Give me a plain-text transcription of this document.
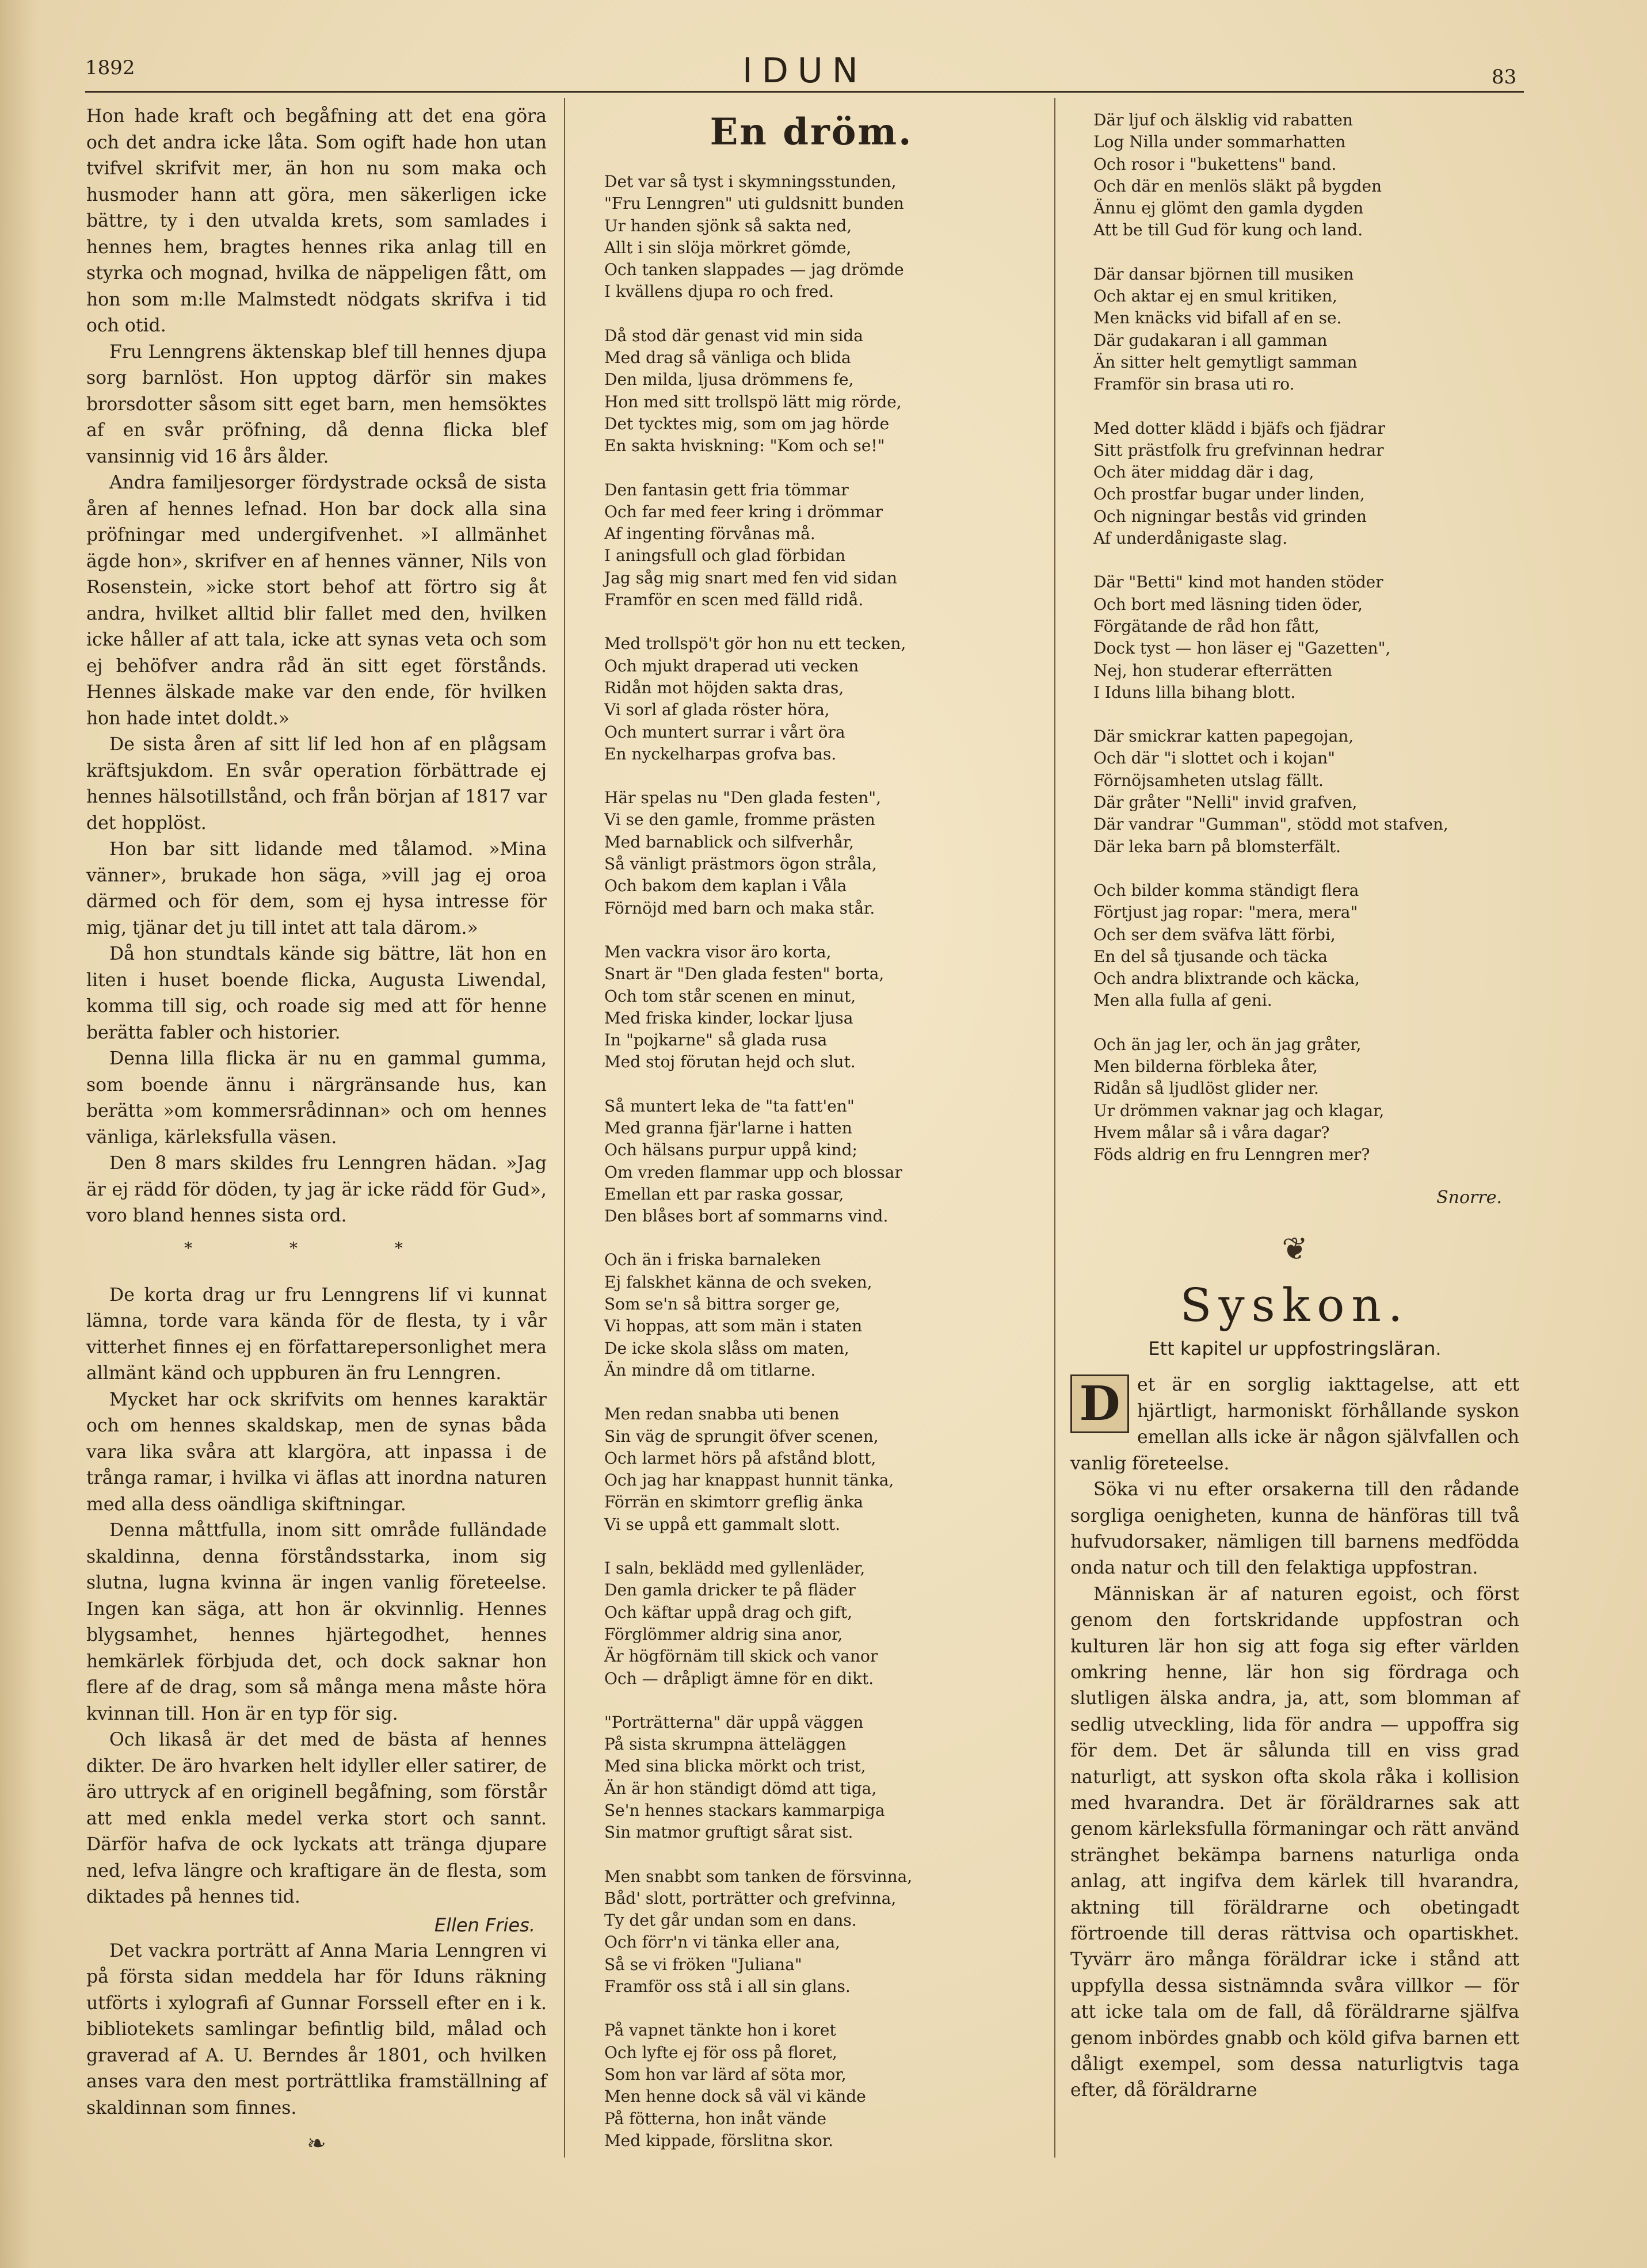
1892	IDUN	83

Hon hade kraft och begåfning att det ena göra och det andra icke låta. Som ogift hade hon utan tvifvel skrifvit mer, än hon nu som maka och husmoder hann att göra, men säkerligen icke bättre, ty i den utvalda krets, som samlades i hennes hem, bragtes hennes rika anlag till en styrka och mognad, hvilka de näppeligen fått, om hon som m:lle Malmstedt nödgats skrifva i tid och otid.

Fru Lenngrens äktenskap blef till hennes djupa sorg barnlöst. Hon upptog därför sin makes brorsdotter såsom sitt eget barn, men hemsöktes af en svår pröfning, då denna flicka blef vansinnig vid 16 års ålder.

Andra familjesorger fördystrade också de sista åren af hennes lefnad. Hon bar dock alla sina pröfningar med undergifvenhet. »I allmänhet ägde hon», skrifver en af hennes vänner, Nils von Rosenstein, »icke stort behof att förtro sig åt andra, hvilket alltid blir fallet med den, hvilken icke håller af att tala, icke att synas veta och som ej behöfver andra råd än sitt eget förstånds. Hennes älskade make var den ende, för hvilken hon hade intet doldt.»

De sista åren af sitt lif led hon af en plågsam kräftsjukdom. En svår operation förbättrade ej hennes hälsotillstånd, och från början af 1817 var det hopplöst.

Hon bar sitt lidande med tålamod. »Mina vänner», brukade hon säga, »vill jag ej oroa därmed och för dem, som ej hysa intresse för mig, tjänar det ju till intet att tala därom.»

Då hon stundtals kände sig bättre, lät hon en liten i huset boende flicka, Augusta Liwendal, komma till sig, och roade sig med att för henne berätta fabler och historier.

Denna lilla flicka är nu en gammal gumma, som boende ännu i närgränsande hus, kan berätta »om kommersrådinnan» och om hennes vänliga, kärleksfulla väsen.

Den 8 mars skildes fru Lenngren hädan. »Jag är ej rädd för döden, ty jag är icke rädd för Gud», voro bland hennes sista ord.

* * *

De korta drag ur fru Lenngrens lif vi kunnat lämna, torde vara kända för de flesta, ty i vår vitterhet finnes ej en författarepersonlighet mera allmänt känd och uppburen än fru Lenngren.

Mycket har ock skrifvits om hennes karaktär och om hennes skaldskap, men de synas båda vara lika svåra att klargöra, att inpassa i de trånga ramar, i hvilka vi äflas att inordna naturen med alla dess oändliga skiftningar.

Denna måttfulla, inom sitt område fulländade skaldinna, denna förståndsstarka, inom sig slutna, lugna kvinna är ingen vanlig företeelse. Ingen kan säga, att hon är okvinnlig. Hennes blygsamhet, hennes hjärtegodhet, hennes hemkärlek förbjuda det, och dock saknar hon flere af de drag, som så många mena måste höra kvinnan till. Hon är en typ för sig.

Och likaså är det med de bästa af hennes dikter. De äro hvarken helt idyller eller satirer, de äro uttryck af en originell begåfning, som förstår att med enkla medel verka stort och sannt. Därför hafva de ock lyckats att tränga djupare ned, lefva längre och kraftigare än de flesta, som diktades på hennes tid.

Ellen Fries.

Det vackra porträtt af Anna Maria Lenngren vi på första sidan meddela har för Iduns räkning utförts i xylografi af Gunnar Forssell efter en i k. bibliotekets samlingar befintlig bild, målad och graverad af A. U. Berndes år 1801, och hvilken anses vara den mest porträttlika framställning af skaldinnan som finnes.

❧
En dröm.
Det var så tyst i skymningsstunden,
"Fru Lenngren" uti guldsnitt bunden
Ur handen sjönk så sakta ned,
Allt i sin slöja mörkret gömde,
Och tanken slappades — jag drömde
I kvällens djupa ro och fred.
Då stod där genast vid min sida
Med drag så vänliga och blida
Den milda, ljusa drömmens fe,
Hon med sitt trollspö lätt mig rörde,
Det tycktes mig, som om jag hörde
En sakta hviskning: "Kom och se!"
Den fantasin gett fria tömmar
Och far med feer kring i drömmar
Af ingenting förvånas må.
I aningsfull och glad förbidan
Jag såg mig snart med fen vid sidan
Framför en scen med fälld ridå.
Med trollspö't gör hon nu ett tecken,
Och mjukt draperad uti vecken
Ridån mot höjden sakta dras,
Vi sorl af glada röster höra,
Och muntert surrar i vårt öra
En nyckelharpas grofva bas.
Här spelas nu "Den glada festen",
Vi se den gamle, fromme prästen
Med barnablick och silfverhår,
Så vänligt prästmors ögon stråla,
Och bakom dem kaplan i Våla
Förnöjd med barn och maka står.
Men vackra visor äro korta,
Snart är "Den glada festen" borta,
Och tom står scenen en minut,
Med friska kinder, lockar ljusa
In "pojkarne" så glada rusa
Med stoj förutan hejd och slut.
Så muntert leka de "ta fatt'en"
Med granna fjär'larne i hatten
Och hälsans purpur uppå kind;
Om vreden flammar upp och blossar
Emellan ett par raska gossar,
Den blåses bort af sommarns vind.
Och än i friska barnaleken
Ej falskhet känna de och sveken,
Som se'n så bittra sorger ge,
Vi hoppas, att som män i staten
De icke skola slåss om maten,
Än mindre då om titlarne.
Men redan snabba uti benen
Sin väg de sprungit öfver scenen,
Och larmet hörs på afstånd blott,
Och jag har knappast hunnit tänka,
Förrän en skimtorr greflig änka
Vi se uppå ett gammalt slott.
I saln, beklädd med gyllenläder,
Den gamla dricker te på fläder
Och käftar uppå drag och gift,
Förglömmer aldrig sina anor,
Är högförnäm till skick och vanor
Och — dråpligt ämne för en dikt.
"Porträtterna" där uppå väggen
På sista skrumpna ätteläggen
Med sina blicka mörkt och trist,
Än är hon ständigt dömd att tiga,
Se'n hennes stackars kammarpiga
Sin matmor gruftigt sårat sist.
Men snabbt som tanken de försvinna,
Båd' slott, porträtter och grefvinna,
Ty det går undan som en dans.
Och förr'n vi tänka eller ana,
Så se vi fröken "Juliana"
Framför oss stå i all sin glans.
På vapnet tänkte hon i koret
Och lyfte ej för oss på floret,
Som hon var lärd af söta mor,
Men henne dock så väl vi kände
På fötterna, hon inåt vände
Med kippade, förslitna skor.
Där ljuf och älsklig vid rabatten
Log Nilla under sommarhatten
Och rosor i "bukettens" band.
Och där en menlös släkt på bygden
Ännu ej glömt den gamla dygden
Att be till Gud för kung och land.
Där dansar björnen till musiken
Och aktar ej en smul kritiken,
Men knäcks vid bifall af en se.
Där gudakaran i all gamman
Än sitter helt gemytligt samman
Framför sin brasa uti ro.
Med dotter klädd i bjäfs och fjädrar
Sitt prästfolk fru grefvinnan hedrar
Och äter middag där i dag,
Och prostfar bugar under linden,
Och nigningar bestås vid grinden
Af underdånigaste slag.
Där "Betti" kind mot handen stöder
Och bort med läsning tiden öder,
Förgätande de råd hon fått,
Dock tyst — hon läser ej "Gazetten",
Nej, hon studerar efterrätten
I Iduns lilla bihang blott.
Där smickrar katten papegojan,
Och där "i slottet och i kojan"
Förnöjsamheten utslag fällt.
Där gråter "Nelli" invid grafven,
Där vandrar "Gumman", stödd mot stafven,
Där leka barn på blomsterfält.
Och bilder komma ständigt flera
Förtjust jag ropar: "mera, mera"
Och ser dem sväfva lätt förbi,
En del så tjusande och täcka
Och andra blixtrande och käcka,
Men alla fulla af geni.
Och än jag ler, och än jag gråter,
Men bilderna förbleka åter,
Ridån så ljudlöst glider ner.
Ur drömmen vaknar jag och klagar,
Hvem målar så i våra dagar?
Föds aldrig en fru Lenngren mer?
Snorre.
❦
Syskon.
Ett kapitel ur uppfostringsläran.

D et är en sorglig iakttagelse, att ett hjärtligt, harmoniskt förhållande syskon emellan alls icke är någon självfallen och vanlig företeelse.

Söka vi nu efter orsakerna till den rådande sorgliga oenigheten, kunna de hänföras till två hufvudorsaker, nämligen till barnens medfödda onda natur och till den felaktiga uppfostran.

Människan är af naturen egoist, och först genom den fortskridande uppfostran och kulturen lär hon sig att foga sig efter världen omkring henne, lär hon sig fördraga och slutligen älska andra, ja, att, som blomman af sedlig utveckling, lida för andra — uppoffra sig för dem. Det är sålunda till en viss grad naturligt, att syskon ofta skola råka i kollision med hvarandra. Det är föräldrarnes sak att genom kärleksfulla förmaningar och rätt använd stränghet bekämpa barnens naturliga onda anlag, att ingifva dem kärlek till hvarandra, aktning till föräldrarne och obetingadt förtroende till deras rättvisa och opartiskhet. Tyvärr äro många föräldrar icke i stånd att uppfylla dessa sistnämnda svåra villkor — för att icke tala om de fall, då föräldrarne själfva genom inbördes gnabb och köld gifva barnen ett dåligt exempel, som dessa naturligtvis taga efter, då föräldrarne
